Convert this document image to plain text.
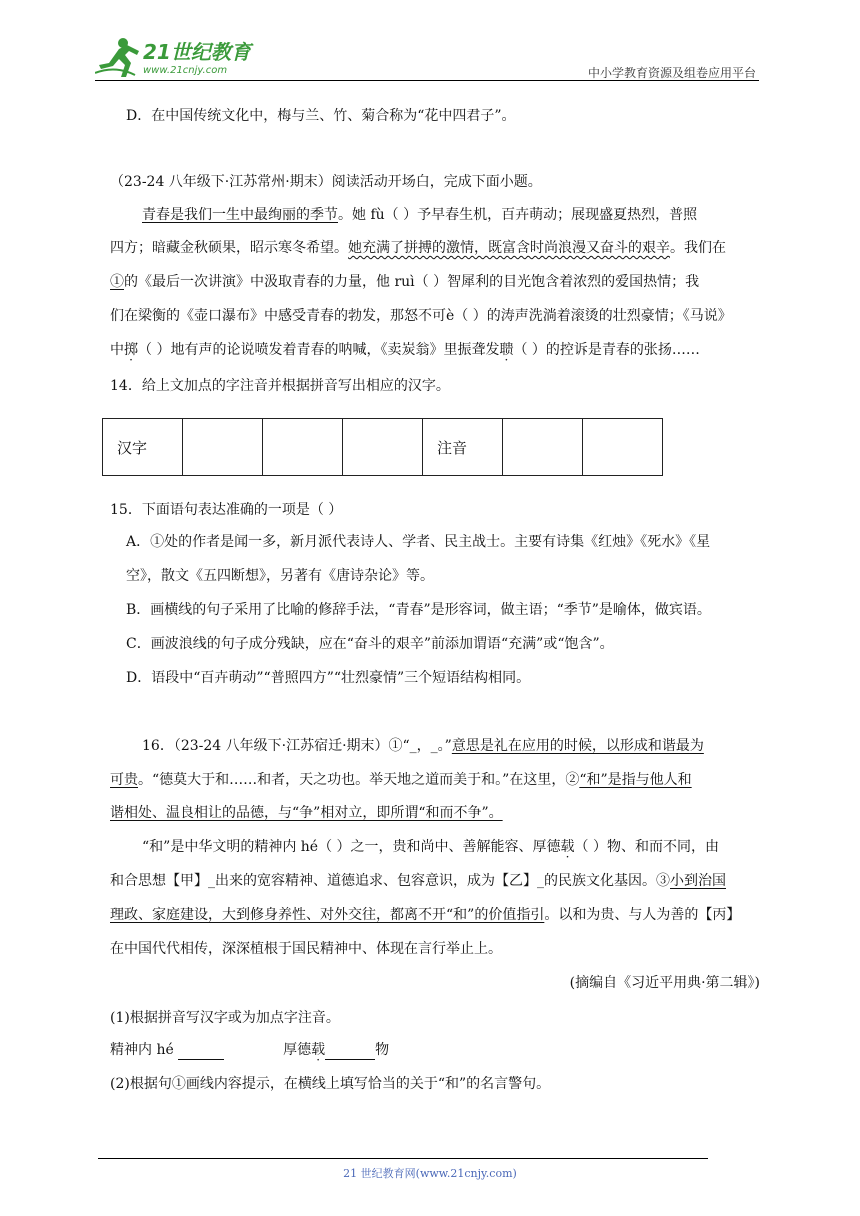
21世纪教育
www.21cnjy.com	中小学教育资源及组卷应用平台
D．在中国传统文化中，梅与兰、竹、菊合称为“花中四君子”。
（23-24 八年级下·江苏常州·期末）阅读活动开场白，完成下面小题。
青春是我们一生中最绚丽的季节。她 fù（ ）予早春生机，百卉萌动；展现盛夏热烈，普照
四方；暗藏金秋硕果，昭示寒冬希望。她充满了拼搏的激情，既富含时尚浪漫又奋斗的艰辛。我们在
①的《最后一次讲演》中汲取青春的力量，他 ruì（ ）智犀利的目光饱含着浓烈的爱国热情；我
们在梁衡的《壶口瀑布》中感受青春的勃发，那怒不可è（ ）的涛声洗淌着滚烫的壮烈豪情；《马说》
中掷（ ）地有声的论说喷发着青春的呐喊，《卖炭翁》里振聋发聩（ ）的控诉是青春的张扬……
14．给上文加点的字注音并根据拼音写出相应的汉字。
汉字				注音		
15．下面语句表达准确的一项是（ ）
A．①处的作者是闻一多，新月派代表诗人、学者、民主战士。主要有诗集《红烛》《死水》《星
空》，散文《五四断想》，另著有《唐诗杂论》等。
B．画横线的句子采用了比喻的修辞手法，“青春”是形容词，做主语；“季节”是喻体，做宾语。
C．画波浪线的句子成分残缺，应在“奋斗的艰辛”前添加谓语“充满”或“饱含”。
D．语段中“百卉萌动”“普照四方”“壮烈豪情”三个短语结构相同。
16．（23-24 八年级下·江苏宿迁·期末）①“_，_。”意思是礼在应用的时候，以形成和谐最为
可贵。“德莫大于和……和者，天之功也。举天地之道而美于和。”在这里，②“和”是指与他人和
谐相处、温良相让的品德，与“争”相对立，即所谓“和而不争”。
“和”是中华文明的精神内 hé（ ）之一，贵和尚中、善解能容、厚德载（ ）物、和而不同，由
和合思想【甲】_出来的宽容精神、道德追求、包容意识，成为【乙】_的民族文化基因。③小到治国
理政、家庭建设，大到修身养性、对外交往，都离不开“和”的价值指引。以和为贵、与人为善的【丙】
在中国代代相传，深深植根于国民精神中、体现在言行举止上。
(摘编自《习近平用典·第二辑》)
(1)根据拼音写汉字或为加点字注音。
精神内 hé	厚德载	物
(2)根据句①画线内容提示，在横线上填写恰当的关于“和”的名言警句。
21 世纪教育网(www.21cnjy.com)
